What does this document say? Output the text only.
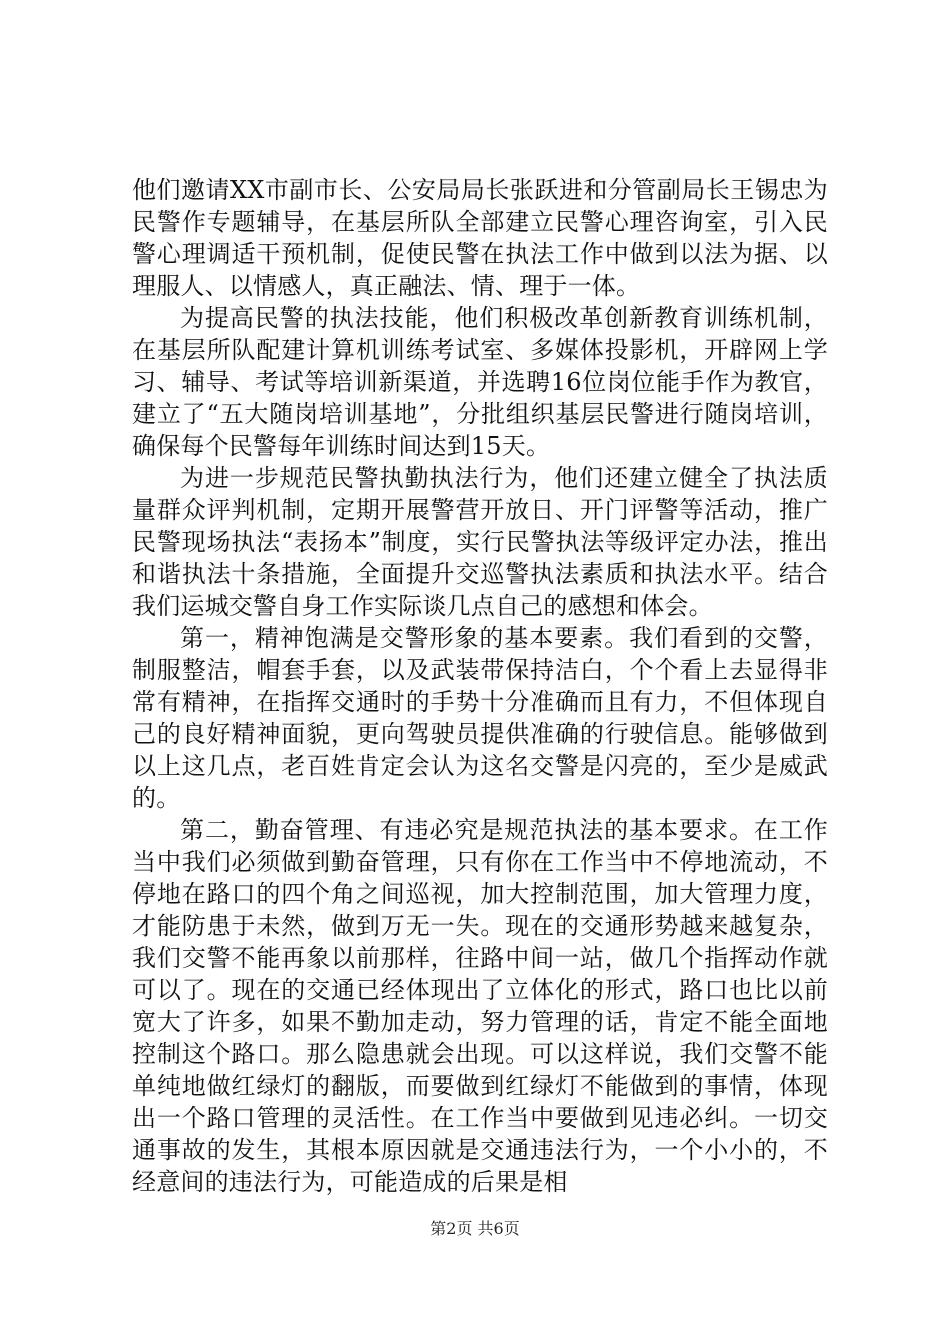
他们邀请XX市副市长、公安局局长张跃进和分管副局长王锡忠为民警作专题辅导，在基层所队全部建立民警心理咨询室，引入民警心理调适干预机制，促使民警在执法工作中做到以法为据、以理服人、以情感人，真正融法、情、理于一体。

为提高民警的执法技能，他们积极改革创新教育训练机制，在基层所队配建计算机训练考试室、多媒体投影机，开辟网上学习、辅导、考试等培训新渠道，并选聘16位岗位能手作为教官，建立了“五大随岗培训基地”，分批组织基层民警进行随岗培训，确保每个民警每年训练时间达到15天。

为进一步规范民警执勤执法行为，他们还建立健全了执法质量群众评判机制，定期开展警营开放日、开门评警等活动，推广民警现场执法“表扬本”制度，实行民警执法等级评定办法，推出和谐执法十条措施，全面提升交巡警执法素质和执法水平。结合我们运城交警自身工作实际谈几点自己的感想和体会。

第一，精神饱满是交警形象的基本要素。我们看到的交警，制服整洁，帽套手套，以及武装带保持洁白，个个看上去显得非常有精神，在指挥交通时的手势十分准确而且有力，不但体现自己的良好精神面貌，更向驾驶员提供准确的行驶信息。能够做到以上这几点，老百姓肯定会认为这名交警是闪亮的，至少是威武的。

第二，勤奋管理、有违必究是规范执法的基本要求。在工作当中我们必须做到勤奋管理，只有你在工作当中不停地流动，不停地在路口的四个角之间巡视，加大控制范围，加大管理力度，才能防患于未然，做到万无一失。现在的交通形势越来越复杂，我们交警不能再象以前那样，往路中间一站，做几个指挥动作就可以了。现在的交通已经体现出了立体化的形式，路口也比以前宽大了许多，如果不勤加走动，努力管理的话，肯定不能全面地控制这个路口。那么隐患就会出现。可以这样说，我们交警不能单纯地做红绿灯的翻版，而要做到红绿灯不能做到的事情，体现出一个路口管理的灵活性。在工作当中要做到见违必纠。一切交通事故的发生，其根本原因就是交通违法行为，一个小小的，不经意间的违法行为，可能造成的后果是相

第2页 共6页
